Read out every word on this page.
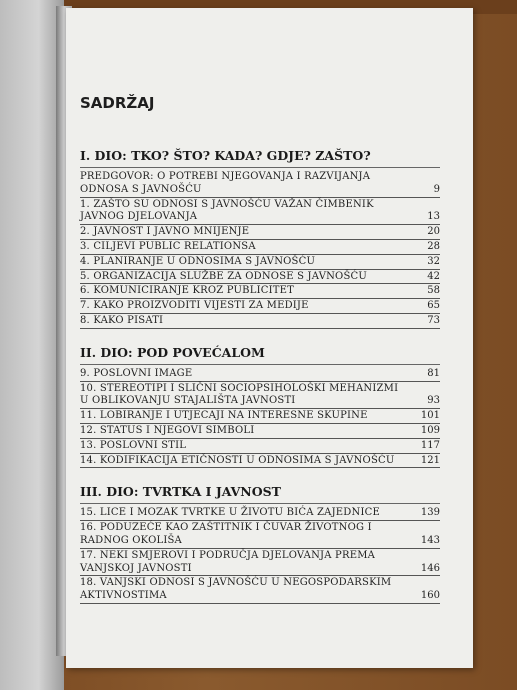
SADRŽAJ
I. DIO: TKO? ŠTO? KADA? GDJE? ZAŠTO?
PREDGOVOR: O POTREBI NJEGOVANJA I RAZVIJANJA ODNOSA S JAVNOŠĆU	9
1. ZAŠTO SU ODNOSI S JAVNOŠĆU VAŽAN ČIMBENIK JAVNOG DJELOVANJA	13
2. JAVNOST I JAVNO MNIJENJE	20
3. CILJEVI PUBLIC RELATIONSA	28
4. PLANIRANJE U ODNOSIMA S JAVNOŠĆU	32
5. ORGANIZACIJA SLUŽBE ZA ODNOSE S JAVNOŠĆU	42
6. KOMUNICIRANJE KROZ PUBLICITET	58
7. KAKO PROIZVODITI VIJESTI ZA MEDIJE	65
8. KAKO PISATI	73
II. DIO: POD POVEĆALOM
9. POSLOVNI IMAGE	81
10. STEREOTIPI I SLIČNI SOCIOPSIHOLOŠKI MEHANIZMI U OBLIKOVANJU STAJALIŠTA JAVNOSTI	93
11. LOBIRANJE I UTJECAJI NA INTERESNE SKUPINE	101
12. STATUS I NJEGOVI SIMBOLI	109
13. POSLOVNI STIL	117
14. KODIFIKACIJA ETIČNOSTI U ODNOSIMA S JAVNOŠĆU	121
III. DIO: TVRTKA I JAVNOST
15. LICE I MOZAK TVRTKE U ŽIVOTU BIĆA ZAJEDNICE	139
16. PODUZEĆE KAO ZAŠTITNIK I ČUVAR ŽIVOTNOG I RADNOG OKOLIŠA	143
17. NEKI SMJEROVI I PODRUČJA DJELOVANJA PREMA VANJSKOJ JAVNOSTI	146
18. VANJSKI ODNOSI S JAVNOŠĆU U NEGOSPODARSKIM AKTIVNOSTIMA	160
